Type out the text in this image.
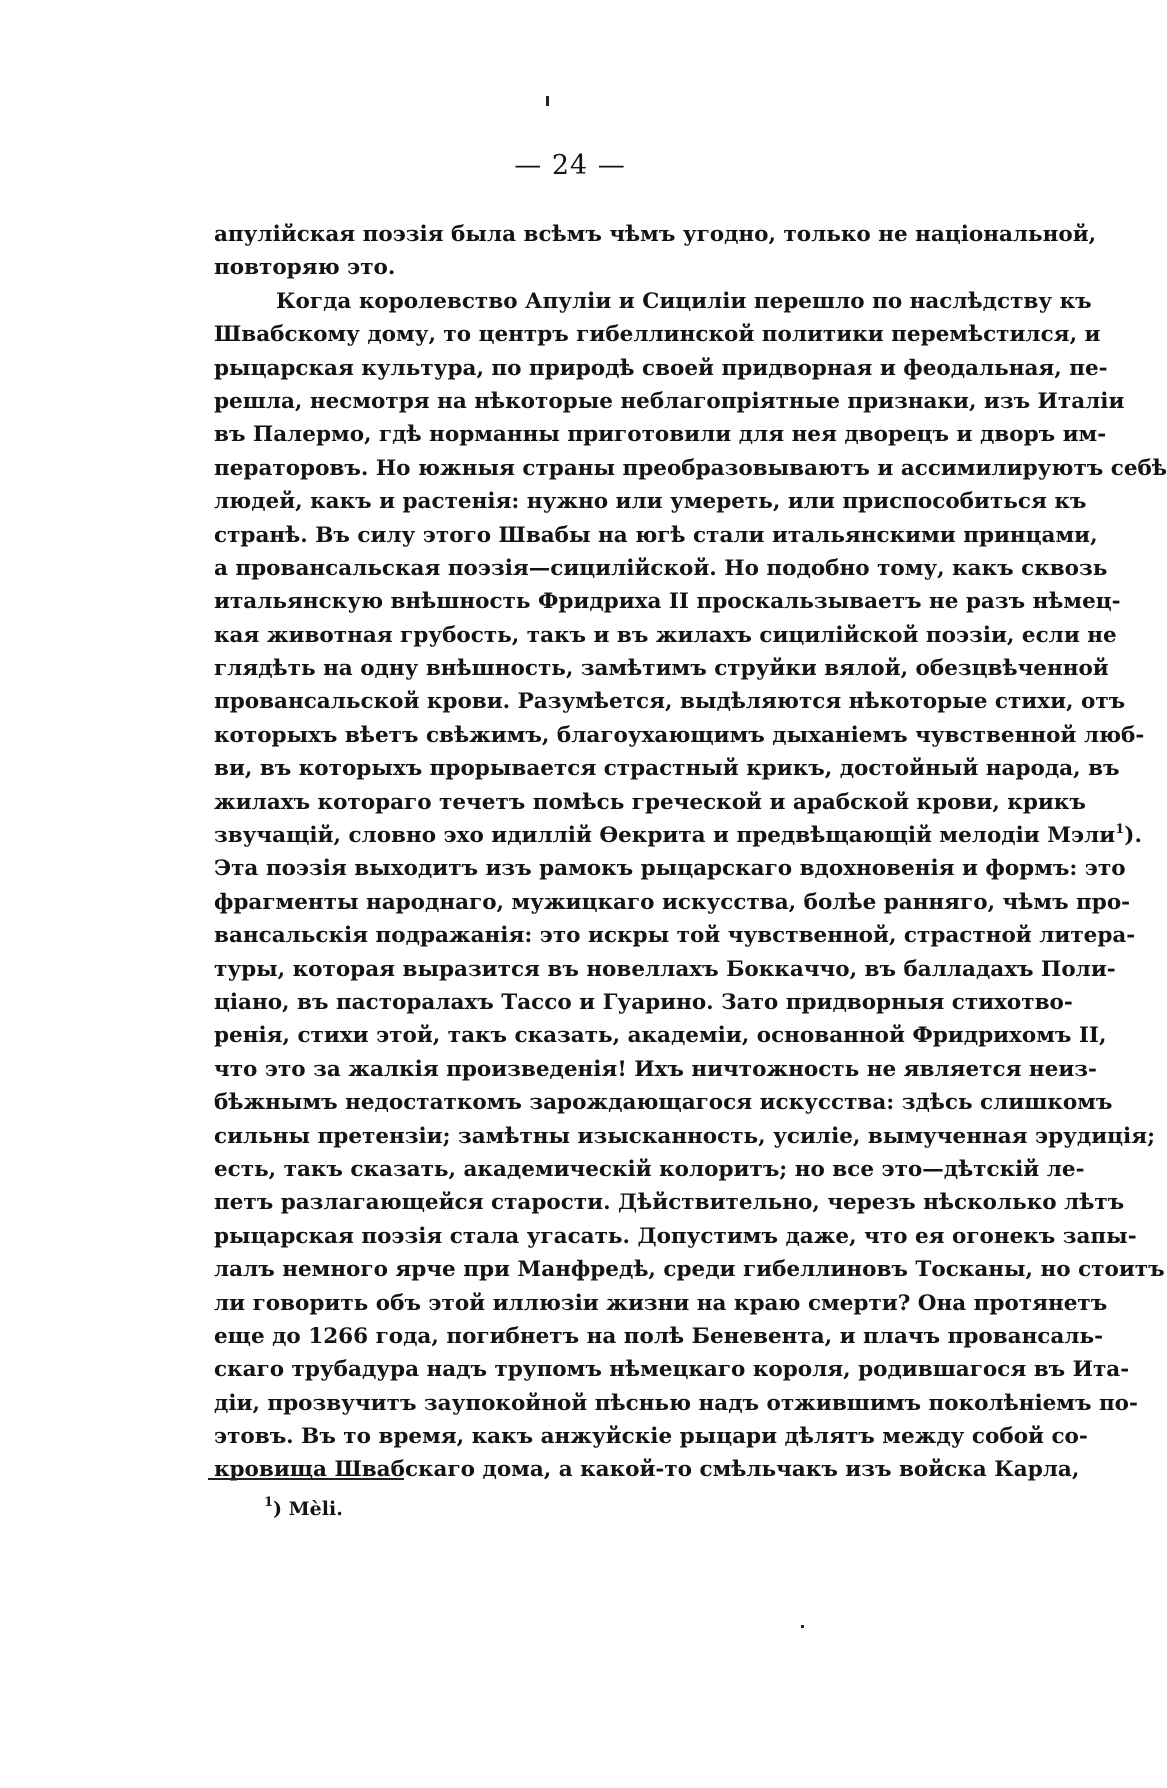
— 24 —
апулійская поэзія была всѣмъ чѣмъ угодно, только не національной,
повторяю это.
Когда королевство Апуліи и Сициліи перешло по наслѣдству къ
Швабскому дому, то центръ гибеллинской политики перемѣстился, и
рыцарская культура, по природѣ своей придворная и феодальная, пе-
решла, несмотря на нѣкоторые неблагопріятные признаки, изъ Италіи
въ Палермо, гдѣ норманны приготовили для нея дворецъ и дворъ им-
ператоровъ. Но южныя страны преобразовываютъ и ассимилируютъ себѣ
людей, какъ и растенія: нужно или умереть, или приспособиться къ
странѣ. Въ силу этого Швабы на югѣ стали итальянскими принцами,
а провансальская поэзія—сицилійской. Но подобно тому, какъ сквозь
итальянскую внѣшность Фридриха II проскальзываетъ не разъ нѣмец-
кая животная грубость, такъ и въ жилахъ сицилійской поэзіи, если не
глядѣть на одну внѣшность, замѣтимъ струйки вялой, обезцвѣченной
провансальской крови. Разумѣется, выдѣляются нѣкоторые стихи, отъ
которыхъ вѣетъ свѣжимъ, благоухающимъ дыханіемъ чувственной люб-
ви, въ которыхъ прорывается страстный крикъ, достойный народа, въ
жилахъ котораго течетъ помѣсь греческой и арабской крови, крикъ
звучащій, словно эхо идиллій Өекрита и предвѣщающій мелодіи Мэли$^1$).
Эта поэзія выходитъ изъ рамокъ рыцарскаго вдохновенія и формъ: это
фрагменты народнаго, мужицкаго искусства, болѣе ранняго, чѣмъ про-
вансальскія подражанія: это искры той чувственной, страстной литера-
туры, которая выразится въ новеллахъ Боккаччо, въ балладахъ Поли-
ціано, въ пасторалахъ Тассо и Гуарино. Зато придворныя стихотво-
ренія, стихи этой, такъ сказать, академіи, основанной Фридрихомъ II,
что это за жалкія произведенія! Ихъ ничтожность не является неиз-
бѣжнымъ недостаткомъ зарождающагося искусства: здѣсь слишкомъ
сильны претензіи; замѣтны изысканность, усиліе, вымученная эрудиція;
есть, такъ сказать, академическій колоритъ; но все это—дѣтскій ле-
петъ разлагающейся старости. Дѣйствительно, черезъ нѣсколько лѣтъ
рыцарская поэзія стала угасать. Допустимъ даже, что ея огонекъ запы-
лалъ немного ярче при Манфредѣ, среди гибеллиновъ Тосканы, но стоитъ
ли говорить объ этой иллюзіи жизни на краю смерти? Она протянетъ
еще до 1266 года, погибнетъ на полѣ Беневента, и плачъ провансаль-
скаго трубадура надъ трупомъ нѣмецкаго короля, родившагося въ Ита-
діи, прозвучитъ заупокойной пѣснью надъ отжившимъ поколѣніемъ по-
этовъ. Въ то время, какъ анжуйскіе рыцари дѣлятъ между собой со-
кровища Швабскаго дома, а какой-то смѣльчакъ изъ войска Карла,
$^1$) Mèli.
